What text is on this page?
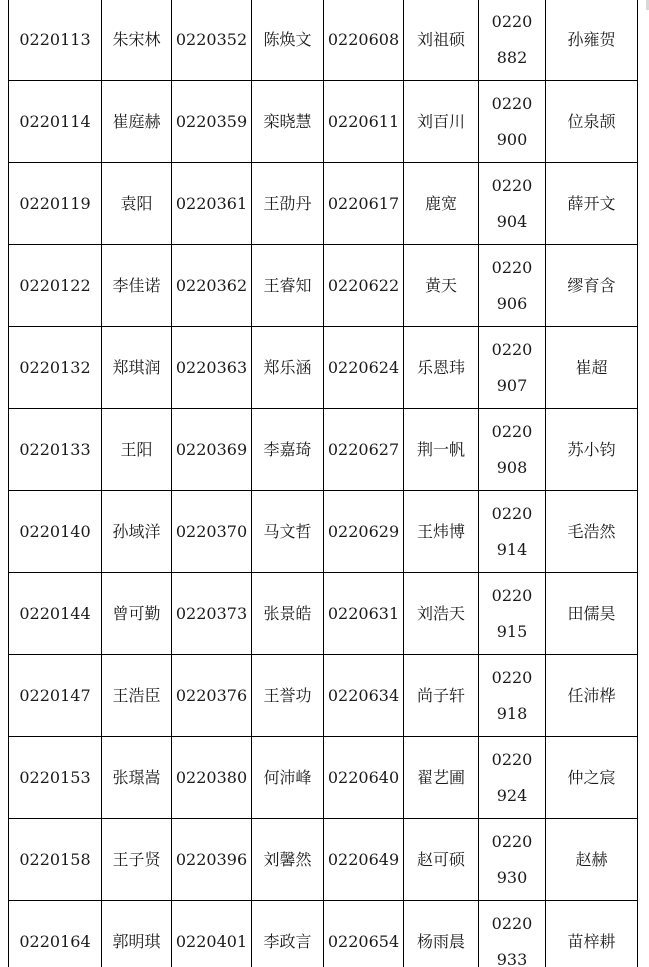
0220113	朱宋林	0220352	陈焕文	0220608	刘祖硕	0220882	孙雍贺
0220114	崔庭赫	0220359	栾晓慧	0220611	刘百川	0220900	位泉颉
0220119	袁阳	0220361	王劭丹	0220617	鹿宽	0220904	薛开文
0220122	李佳诺	0220362	王睿知	0220622	黄天	0220906	缪育含
0220132	郑琪润	0220363	郑乐涵	0220624	乐恩玮	0220907	崔超
0220133	王阳	0220369	李嘉琦	0220627	荆一帆	0220908	苏小钧
0220140	孙域洋	0220370	马文哲	0220629	王炜博	0220914	毛浩然
0220144	曾可勤	0220373	张景皓	0220631	刘浩天	0220915	田儒昊
0220147	王浩臣	0220376	王誉功	0220634	尚子轩	0220918	任沛桦
0220153	张璟嵩	0220380	何沛峰	0220640	翟艺圃	0220924	仲之宸
0220158	王子贤	0220396	刘馨然	0220649	赵可硕	0220930	赵赫
0220164	郭明琪	0220401	李政言	0220654	杨雨晨	0220933	苗梓耕
